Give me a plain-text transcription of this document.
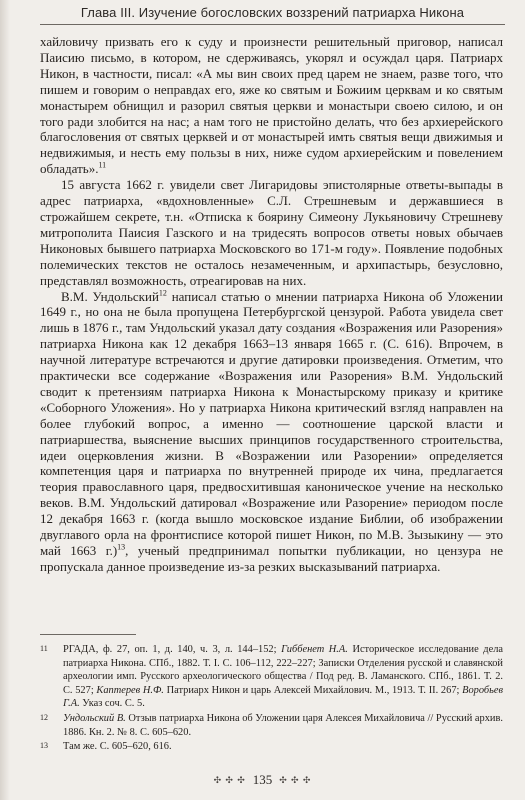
Глава III. Изучение богословских воззрений патриарха Никона

хайловичу призвать его к суду и произнести решительный приговор, написал Паисию письмо, в котором, не сдерживаясь, укорял и осуждал царя. Патриарх Никон, в частности, писал: «А мы вин своих пред царем не знаем, разве того, что пишем и говорим о неправдах его, яже ко святым и Божиим церквам и ко святым монастырем обнищил и разорил святыя церкви и монастыри своею силою, и он того ради злобится на нас; а нам того не пристойно делать, что без архиерейского благословения от святых церквей и от монастырей имть святыя вещи движимыя и недвижимыя, и несть ему пользы в них, ниже судом архиерейским и повелением обладать».$^{11}$

15 августа 1662 г. увидели свет Лигаридовы эпистолярные ответы-выпады в адрес патриарха, «вдохновленные» С.Л. Стрешневым и державшиеся в строжайшем секрете, т.н. «Отписка к боярину Симеону Лукьяновичу Стрешневу митрополита Паисия Газского и на тридесять вопросов ответы новых обычаев Никоновых бывшего патриарха Московского во 171-м году». Появление подобных полемических текстов не осталось незамеченным, и архипастырь, безусловно, представлял возможность, отреагировав на них.

В.М. Ундольский$^{12}$ написал статью о мнении патриарха Никона об Уложении 1649 г., но она не была пропущена Петербургской цензурой. Работа увидела свет лишь в 1876 г., там Ундольский указал дату создания «Возражения или Разорения» патриарха Никона как 12 декабря 1663–13 января 1665 г. (С. 616). Впрочем, в научной литературе встречаются и другие датировки произведения. Отметим, что практически все содержание «Возражения или Разорения» В.М. Ундольский сводит к претензиям патриарха Никона к Монастырскому приказу и критике «Соборного Уложения». Но у патриарха Никона критический взгляд направлен на более глубокий вопрос, а именно — соотношение царской власти и патриаршества, выяснение высших принципов государственного строительства, идеи оцерковления жизни. В «Возражении или Разорении» определяется компетенция царя и патриарха по внутренней природе их чина, предлагается теория православного царя, предвосхитившая каноническое учение на несколько веков. В.М. Ундольский датировал «Возражение или Разорение» периодом после 12 декабря 1663 г. (когда вышло московское издание Библии, об изображении двуглавого орла на фронтисписе которой пишет Никон, по М.В. Зызыкину — это май 1663 г.)$^{13}$, ученый предпринимал попытки публикации, но цензура не пропускала данное произведение из-за резких высказываний патриарха.

11	РГАДА, ф. 27, оп. 1, д. 140, ч. 3, л. 144–152; Гиббенет Н.А. Историческое исследование дела патриарха Никона. СПб., 1882. Т. I. С. 106–112, 222–227; Записки Отделения русской и славянской археологии имп. Русского археологического общества / Под ред. В. Ламанского. СПб., 1861. Т. 2. С. 527; Каптерев Н.Ф. Патриарх Никон и царь Алексей Михайлович. М., 1913. Т. II. 267; Воробьев Г.А. Указ соч. С. 5.
12	Ундольский В. Отзыв патриарха Никона об Уложении царя Алексея Михайловича // Русский архив. 1886. Кн. 2. № 8. С. 605–620.
13	Там же. С. 605–620, 616.
✣ ✣ ✣ 135 ✣ ✣ ✣
